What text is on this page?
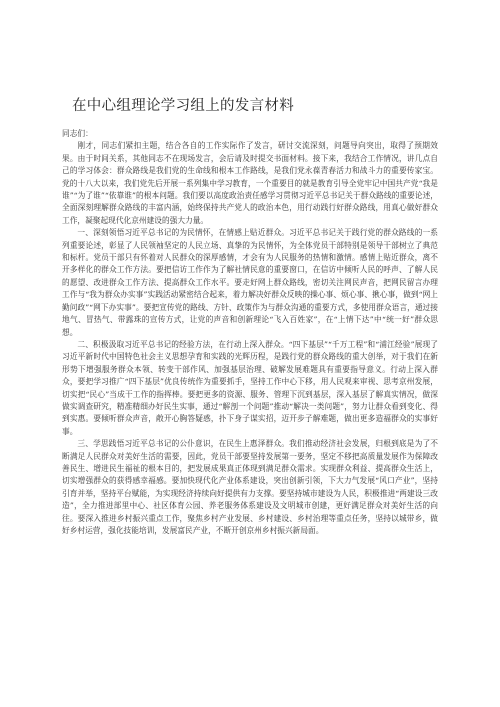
在中心组理论学习组上的发言材料

同志们：

刚才，同志们紧扣主题，结合各自的工作实际作了发言，研讨交流深刻，问题导向突出，取得了预期效果。由于时间关系，其他同志不在现场发言，会后请及时提交书面材料。接下来，我结合工作情况，讲几点自己的学习体会：群众路线是我们党的生命线和根本工作路线，是我们党永葆青春活力和战斗力的重要传家宝。党的十八大以来，我们党先后开展一系列集中学习教育，一个重要目的就是教育引导全党牢记中国共产党“我是谁”“为了谁”“依靠谁”的根本问题。我们要以高度政治责任感学习贯彻习近平总书记关于群众路线的重要论述，全面深刻理解群众路线的丰富内涵，始终保持共产党人的政治本色，用行动践行好群众路线，用真心做好群众工作，凝聚起现代化京州建设的强大力量。

一、深刻领悟习近平总书记的为民情怀，在情感上贴近群众。习近平总书记关于践行党的群众路线的一系列重要论述，彰显了人民领袖坚定的人民立场、真挚的为民情怀，为全体党员干部特别是领导干部树立了典范和标杆。党员干部只有怀着对人民群众的深厚感情，才会有为人民服务的热情和激情。感情上贴近群众，离不开多样化的群众工作方法。要把信访工作作为了解社情民意的重要窗口，在信访中倾听人民的呼声、了解人民的愿望、改进群众工作方法、提高群众工作水平。要走好网上群众路线，密切关注网民声音，把网民留言办理工作与“我为群众办实事”实践活动紧密结合起来，着力解决好群众反映的操心事、烦心事、揪心事，做到“网上勤问政”“网下办实事”。要把宣传党的路线、方针、政策作为与群众沟通的重要方式，多使用群众语言，通过接地气、冒热气、带露珠的宣传方式，让党的声音和创新理论“飞入百姓家”，在“上情下达”中“统一好”群众思想。

二、积极汲取习近平总书记的经验方法，在行动上深入群众。“四下基层”“千万工程”和“浦江经验”展现了习近平新时代中国特色社会主义思想孕育和实践的光辉历程，是践行党的群众路线的重大创举，对于我们在新形势下增强服务群众本领、转变干部作风、加强基层治理、破解发展难题具有重要指导意义。行动上深入群众，要把学习推广“四下基层”优良传统作为重要抓手，坚持工作中心下移，用人民观来审视、思考京州发展，切实把“民心”当成干工作的指挥棒。要把更多的资源、服务、管理下沉到基层，深入基层了解真实情况，做深做实调查研究，精准精细办好民生实事，通过“解剖一个问题”推动“解决一类问题”，努力让群众看到变化、得到实惠。要倾听群众声音，敞开心胸答疑惑，扑下身子谋实招，迈开步子解难题，做出更多造福群众的实事好事。

三、学思践悟习近平总书记的公仆意识，在民生上惠泽群众。我们推动经济社会发展，归根到底是为了不断满足人民群众对美好生活的需要，因此，党员干部要坚持发展第一要务，坚定不移把高质量发展作为保障改善民生、增进民生福祉的根本目的，把发展成果真正体现到满足群众需求。实现群众利益、提高群众生活上，切实增强群众的获得感幸福感。要加快现代化产业体系建设，突出创新引领，下大力气发展“风口产业”，坚持引育并举，坚持平台赋能，为实现经济持续向好提供有力支撑。要坚持城市建设为人民，积极推进“两建设三改造”，全力推进部里中心、社区体育公园、养老服务体系建设及文明城市创建，更好满足群众对美好生活的向往。要深入推进乡村振兴重点工作，聚焦乡村产业发展、乡村建设、乡村治理等重点任务，坚持以城带乡，做好乡村运营，强化技能培训，发展富民产业，不断开创京州乡村振兴新局面。
